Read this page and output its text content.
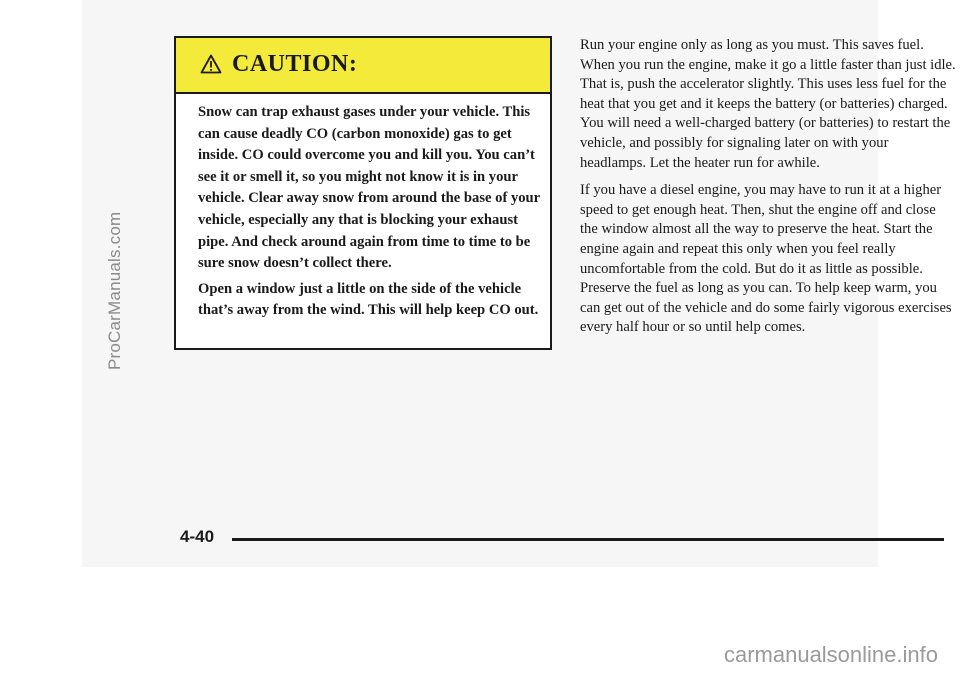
CAUTION:

Snow can trap exhaust gases under your vehicle. This can cause deadly CO (carbon monoxide) gas to get inside. CO could overcome you and kill you. You can’t see it or smell it, so you might not know it is in your vehicle. Clear away snow from around the base of your vehicle, especially any that is blocking your exhaust pipe. And check around again from time to time to be sure snow doesn’t collect there.

Open a window just a little on the side of the vehicle that’s away from the wind. This will help keep CO out.

Run your engine only as long as you must. This saves fuel. When you run the engine, make it go a little faster than just idle. That is, push the accelerator slightly. This uses less fuel for the heat that you get and it keeps the battery (or batteries) charged. You will need a well-charged battery (or batteries) to restart the vehicle, and possibly for signaling later on with your headlamps. Let the heater run for awhile.

If you have a diesel engine, you may have to run it at a higher speed to get enough heat. Then, shut the engine off and close the window almost all the way to preserve the heat. Start the engine again and repeat this only when you feel really uncomfortable from the cold. But do it as little as possible. Preserve the fuel as long as you can. To help keep warm, you can get out of the vehicle and do some fairly vigorous exercises every half hour or so until help comes.

4-40
ProCarManuals.com
carmanualsonline.info
